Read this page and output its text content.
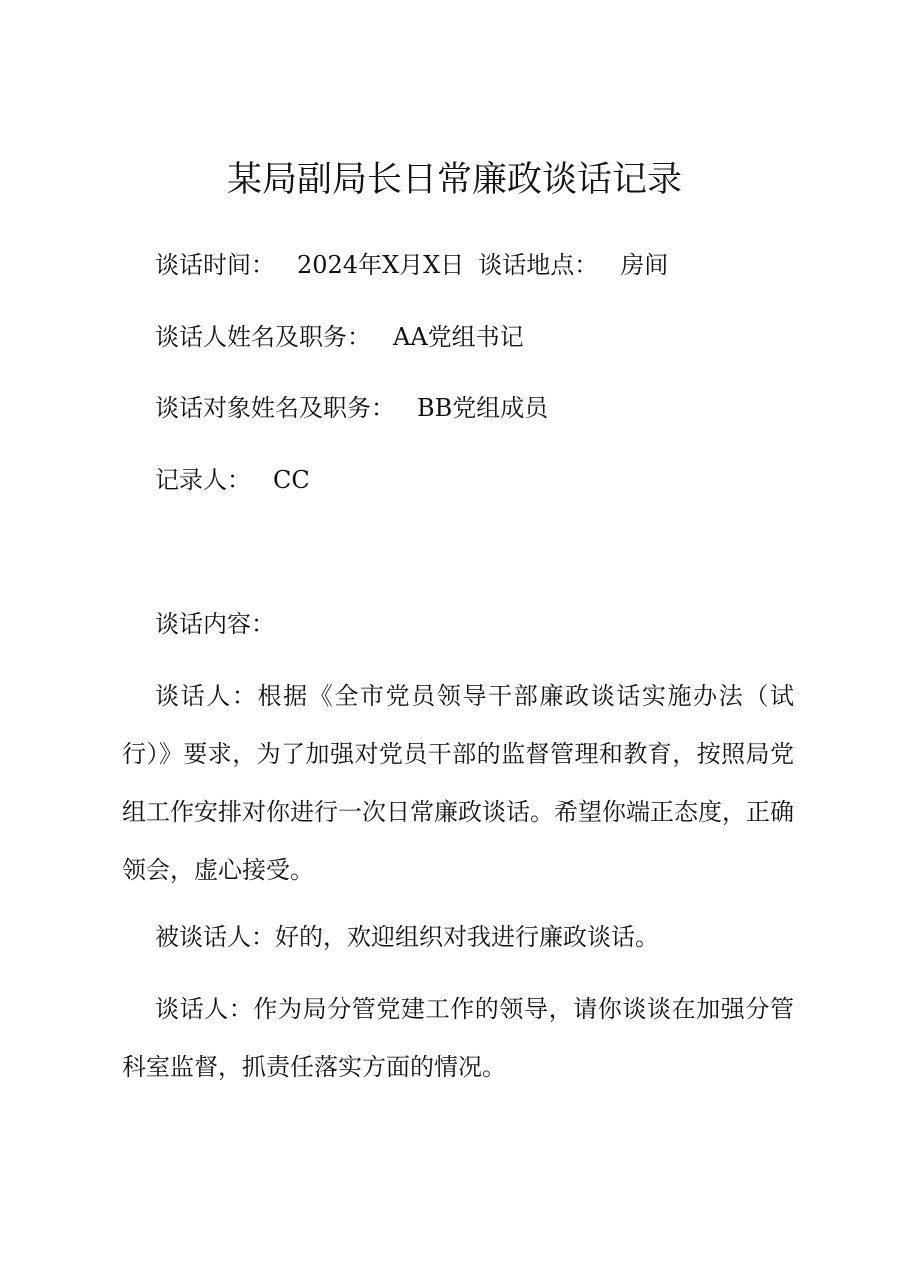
某局副局长日常廉政谈话记录
谈话时间： 2024年X月X日 谈话地点： 房间
谈话人姓名及职务： AA党组书记
谈话对象姓名及职务： BB党组成员
记录人： CC
谈话内容：
谈话人：根据《全市党员领导干部廉政谈话实施办法（试行）》要求，为了加强对党员干部的监督管理和教育，按照局党组工作安排对你进行一次日常廉政谈话。希望你端正态度，正确领会，虚心接受。
被谈话人：好的，欢迎组织对我进行廉政谈话。
谈话人：作为局分管党建工作的领导，请你谈谈在加强分管科室监督，抓责任落实方面的情况。
